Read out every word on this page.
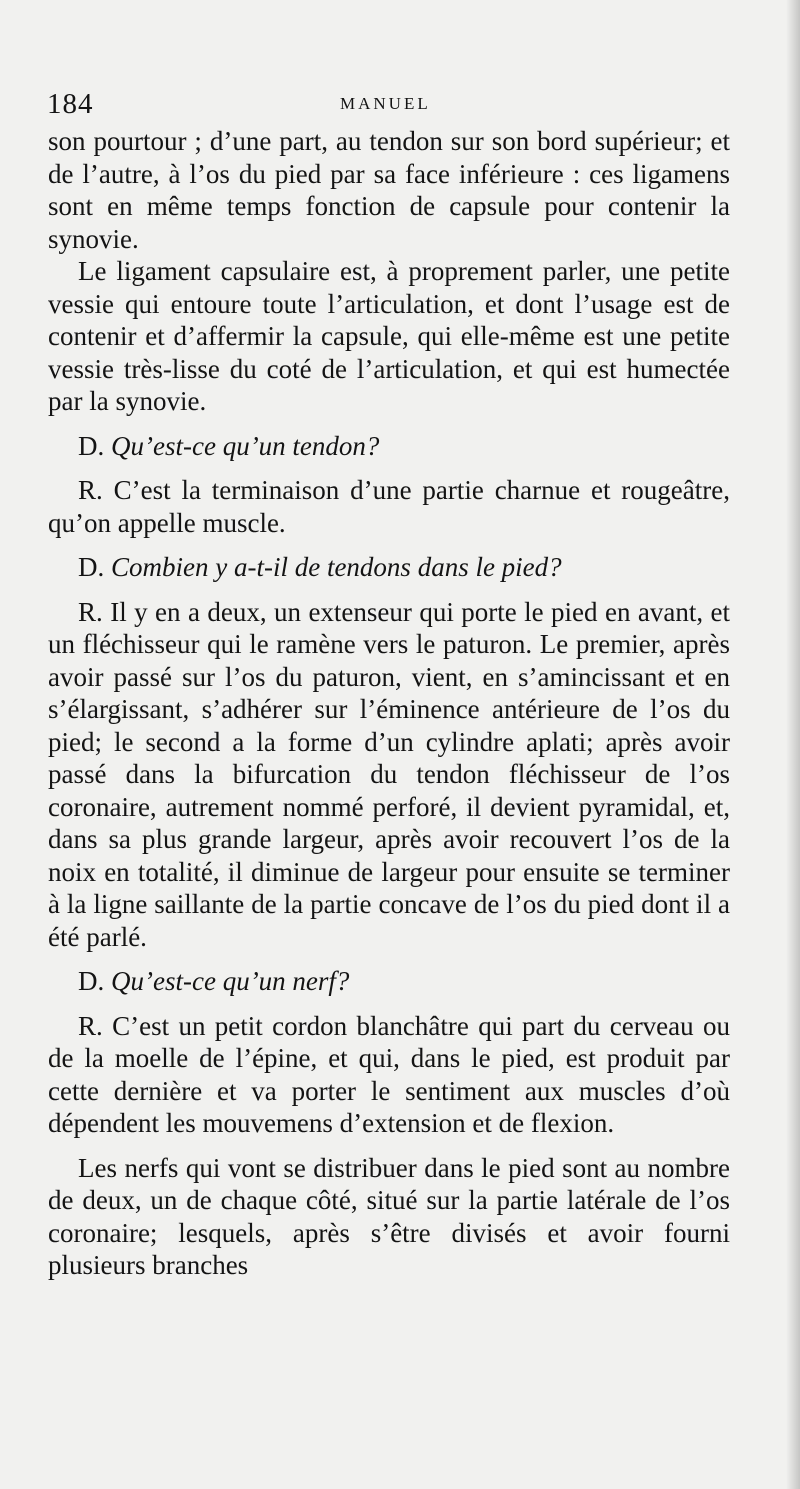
184	MANUEL

son pourtour ; d’une part, au tendon sur son bord supérieur; et de l’autre, à l’os du pied par sa face inférieure : ces ligamens sont en même temps fonction de capsule pour contenir la synovie.

Le ligament capsulaire est, à proprement parler, une petite vessie qui entoure toute l’articulation, et dont l’usage est de contenir et d’affermir la capsule, qui elle-même est une petite vessie très-lisse du coté de l’articulation, et qui est humectée par la synovie.

D. Qu’est-ce qu’un tendon?

R. C’est la terminaison d’une partie charnue et rougeâtre, qu’on appelle muscle.

D. Combien y a-t-il de tendons dans le pied?

R. Il y en a deux, un extenseur qui porte le pied en avant, et un fléchisseur qui le ramène vers le paturon. Le premier, après avoir passé sur l’os du paturon, vient, en s’amincissant et en s’élargissant, s’adhérer sur l’éminence antérieure de l’os du pied; le second a la forme d’un cylindre aplati; après avoir passé dans la bifurcation du tendon fléchisseur de l’os coronaire, autrement nommé perforé, il devient pyramidal, et, dans sa plus grande largeur, après avoir recouvert l’os de la noix en totalité, il diminue de largeur pour ensuite se terminer à la ligne saillante de la partie concave de l’os du pied dont il a été parlé.

D. Qu’est-ce qu’un nerf?

R. C’est un petit cordon blanchâtre qui part du cerveau ou de la moelle de l’épine, et qui, dans le pied, est produit par cette dernière et va porter le sentiment aux muscles d’où dépendent les mouvemens d’extension et de flexion.

Les nerfs qui vont se distribuer dans le pied sont au nombre de deux, un de chaque côté, situé sur la partie latérale de l’os coronaire; lesquels, après s’être divisés et avoir fourni plusieurs branches
